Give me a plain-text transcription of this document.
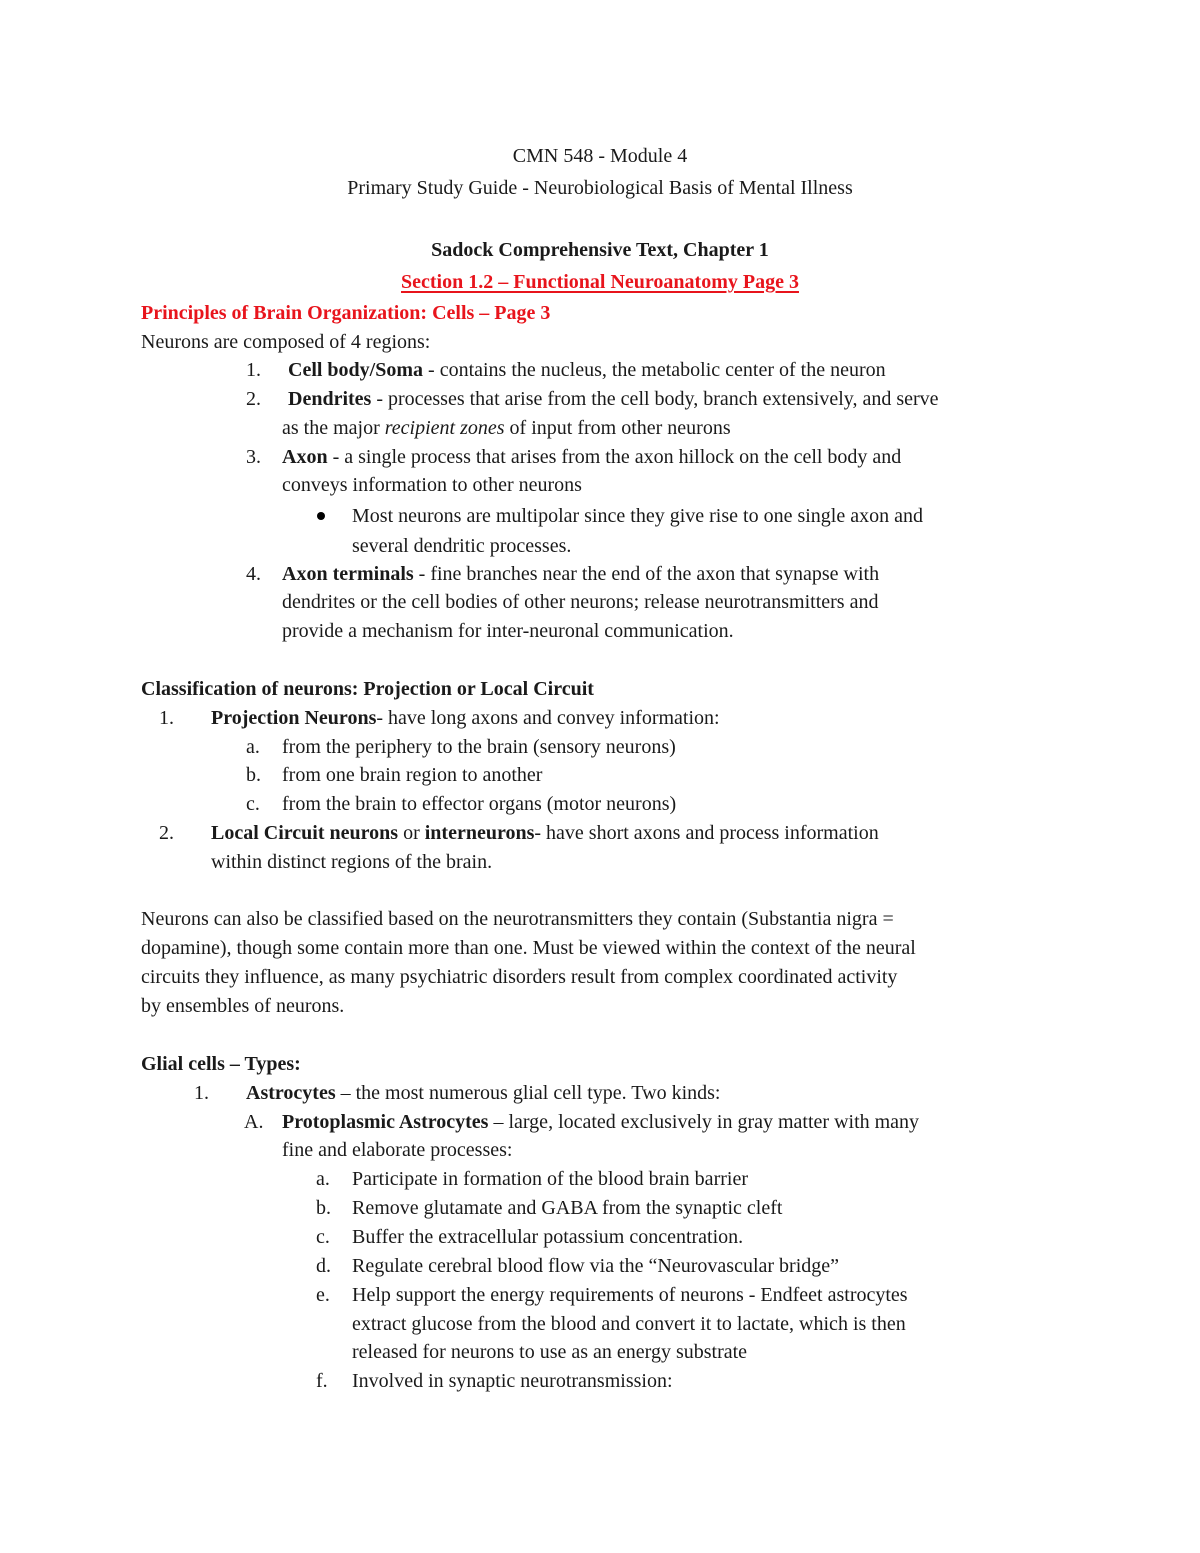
CMN 548 - Module 4
Primary Study Guide - Neurobiological Basis of Mental Illness
Sadock Comprehensive Text, Chapter 1
Section 1.2 – Functional Neuroanatomy Page 3
Principles of Brain Organization: Cells – Page 3
Neurons are composed of 4 regions:
1. Cell body/Soma - contains the nucleus, the metabolic center of the neuron
2. Dendrites - processes that arise from the cell body, branch extensively, and serve
as the major recipient zones of input from other neurons
3. Axon - a single process that arises from the axon hillock on the cell body and
conveys information to other neurons
Most neurons are multipolar since they give rise to one single axon and
several dendritic processes.
4. Axon terminals - fine branches near the end of the axon that synapse with
dendrites or the cell bodies of other neurons; release neurotransmitters and
provide a mechanism for inter-neuronal communication.
Classification of neurons: Projection or Local Circuit
1. Projection Neurons- have long axons and convey information:
a. from the periphery to the brain (sensory neurons)
b. from one brain region to another
c. from the brain to effector organs (motor neurons)
2. Local Circuit neurons or interneurons- have short axons and process information
within distinct regions of the brain.
Neurons can also be classified based on the neurotransmitters they contain (Substantia nigra =
dopamine), though some contain more than one. Must be viewed within the context of the neural
circuits they influence, as many psychiatric disorders result from complex coordinated activity
by ensembles of neurons.
Glial cells – Types:
1. Astrocytes – the most numerous glial cell type. Two kinds:
A. Protoplasmic Astrocytes – large, located exclusively in gray matter with many
fine and elaborate processes:
a. Participate in formation of the blood brain barrier
b. Remove glutamate and GABA from the synaptic cleft
c. Buffer the extracellular potassium concentration.
d. Regulate cerebral blood flow via the “Neurovascular bridge”
e. Help support the energy requirements of neurons - Endfeet astrocytes
extract glucose from the blood and convert it to lactate, which is then
released for neurons to use as an energy substrate
f. Involved in synaptic neurotransmission:
